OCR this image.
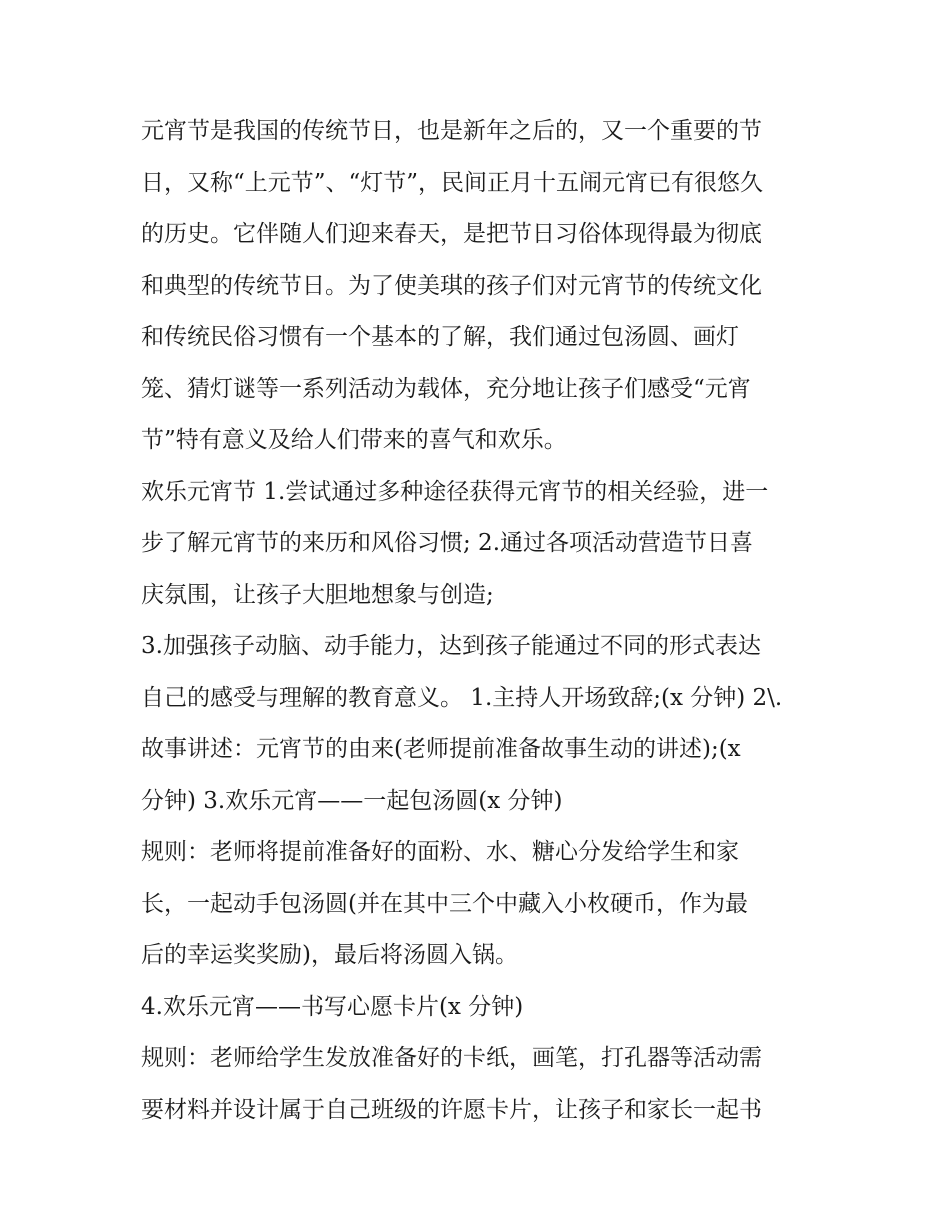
元宵节是我国的传统节日，也是新年之后的，又一个重要的节
日，又称“上元节”、“灯节”，民间正月十五闹元宵已有很悠久
的历史。它伴随人们迎来春天，是把节日习俗体现得最为彻底
和典型的传统节日。为了使美琪的孩子们对元宵节的传统文化
和传统民俗习惯有一个基本的了解，我们通过包汤圆、画灯
笼、猜灯谜等一系列活动为载体，充分地让孩子们感受“元宵
节”特有意义及给人们带来的喜气和欢乐。
欢乐元宵节 1.尝试通过多种途径获得元宵节的相关经验，进一
步了解元宵节的来历和风俗习惯; 2.通过各项活动营造节日喜
庆氛围，让孩子大胆地想象与创造;
3.加强孩子动脑、动手能力，达到孩子能通过不同的形式表达
自己的感受与理解的教育意义。 1.主持人开场致辞;(x 分钟) 2\.
故事讲述：元宵节的由来(老师提前准备故事生动的讲述);(x
分钟) 3.欢乐元宵——一起包汤圆(x 分钟)
规则：老师将提前准备好的面粉、水、糖心分发给学生和家
长，一起动手包汤圆(并在其中三个中藏入小枚硬币，作为最
后的幸运奖奖励)，最后将汤圆入锅。
4.欢乐元宵——书写心愿卡片(x 分钟)
规则：老师给学生发放准备好的卡纸，画笔，打孔器等活动需
要材料并设计属于自己班级的许愿卡片，让孩子和家长一起书
